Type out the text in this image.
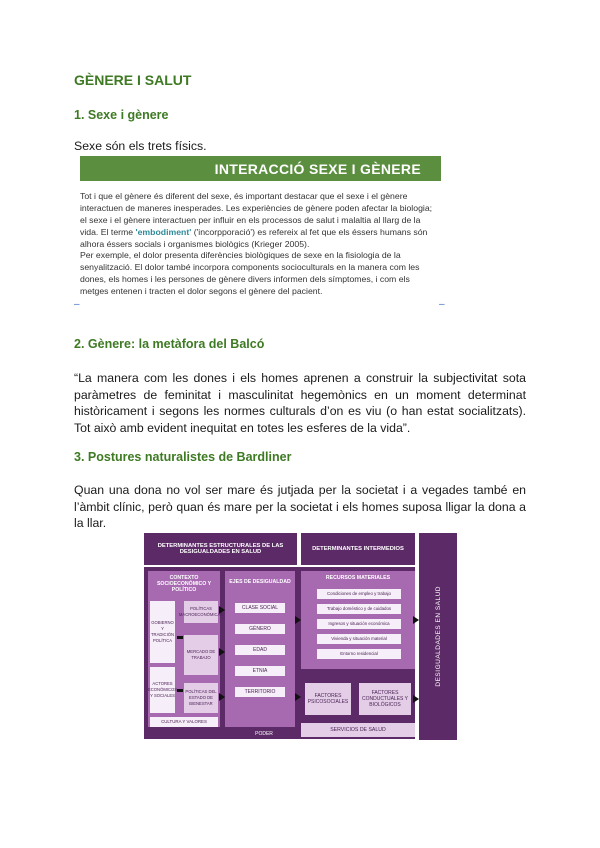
GÈNERE I SALUT
1. Sexe i gènere

Sexe són els trets físics.

INTERACCIÓ SEXE I GÈNERE

Tot i que el gènere és diferent del sexe, és important destacar que el sexe i el gènere interactuen de maneres inesperades. Les experiències de gènere poden afectar la biologia; el sexe i el gènere interactuen per influir en els processos de salut i malaltia al llarg de la vida. El terme 'embodiment' ('incorpporació') es refereix al fet que els éssers humans són alhora éssers socials i organismes biològics (Krieger 2005).

Per exemple, el dolor presenta diferències biològiques de sexe en la fisiologia de la senyalització. El dolor també incorpora components socioculturals en la manera com les dones, els homes i les persones de gènere divers informen dels símptomes, i com els metges entenen i tracten el dolor segons el gènere del pacient.

–	–
2. Gènere: la metàfora del Balcó

“La manera com les dones i els homes aprenen a construir la subjectivitat sota paràmetres de feminitat i masculinitat hegemònics en un moment determinat històricament i segons les normes culturals d’on es viu (o han estat socialitzats). Tot això amb evident inequitat en totes les esferes de la vida”.

3. Postures naturalistes de Bardliner

Quan una dona no vol ser mare és jutjada per la societat i a vegades també en l’àmbit clínic, però quan és mare per la societat i els homes suposa lligar la dona a la llar.

DETERMINANTES ESTRUCTURALES DE LAS DESIGUALDADES EN SALUD	DETERMINANTES INTERMEDIOS
DESIGUALDADES EN SALUD
CONTEXTO SOCIOECONÓMICO Y POLÍTICO
GOBIERNO Y TRADICIÓN POLÍTICA
ACTORES ECONÓMICOS Y SOCIALES
POLÍTICAS MACROECONÓMICAS
MERCADO DE TRABAJO
POLÍTICAS DEL ESTADO DE BIENESTAR
CULTURA Y VALORES
EJES DE DESIGUALDAD
CLASE SOCIAL
GÉNERO
EDAD
ETNIA
TERRITORIO
PODER
RECURSOS MATERIALES
Condiciones de empleo y trabajo
Trabajo doméstico y de cuidados
Ingresos y situación económica
Vivienda y situación material
Entorno residencial
FACTORES PSICOSOCIALES
FACTORES CONDUCTUALES Y BIOLÓGICOS
SERVICIOS DE SALUD
